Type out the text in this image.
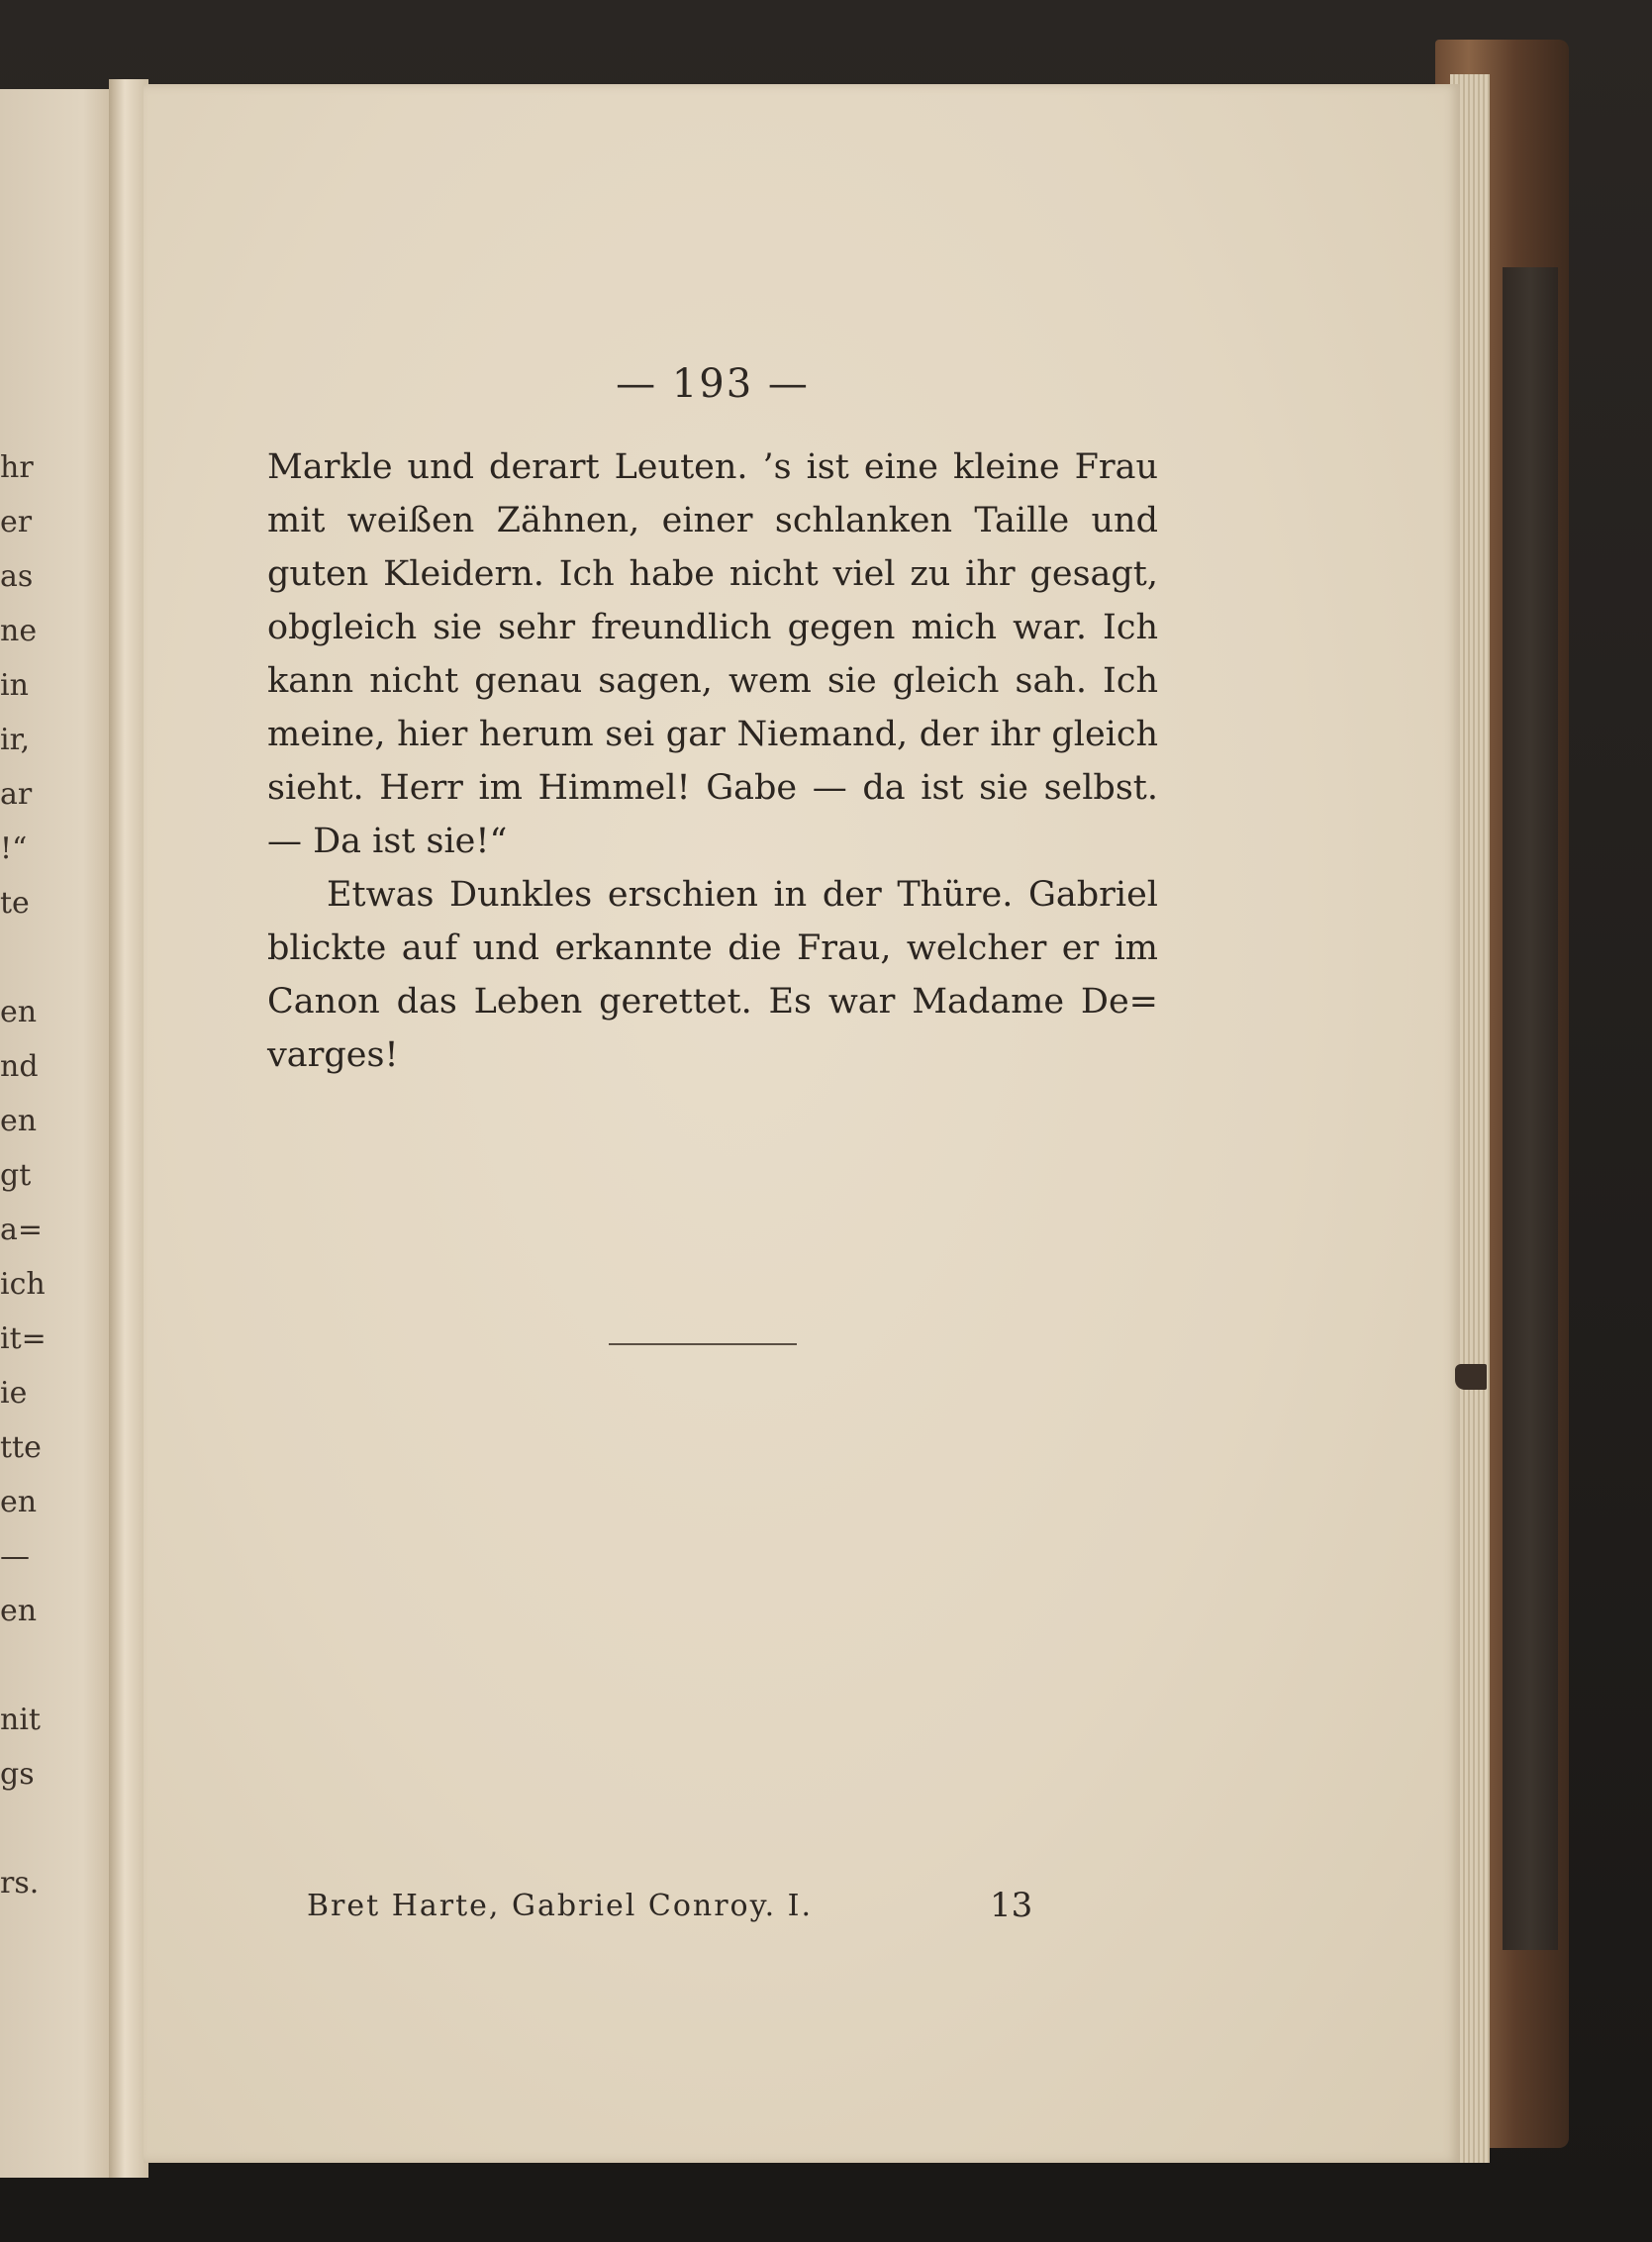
hr
er
as
ne
in
ir,
ar
!“
te
en
nd
en
gt
a=
ich
it=
ie
tte
en
—
en
nit
gs
rs.
— 193 —
Markle und derart Leuten. ’s ist eine kleine Frau
mit weißen Zähnen, einer schlanken Taille und
guten Kleidern. Ich habe nicht viel zu ihr gesagt,
obgleich sie sehr freundlich gegen mich war. Ich
kann nicht genau sagen, wem sie gleich sah. Ich
meine, hier herum sei gar Niemand, der ihr gleich
sieht. Herr im Himmel! Gabe — da ist sie selbst.
— Da ist sie!“
Etwas Dunkles erschien in der Thüre. Gabriel
blickte auf und erkannte die Frau, welcher er im
Canon das Leben gerettet. Es war Madame De=
varges!
Bret Harte, Gabriel Conroy. I.	13
